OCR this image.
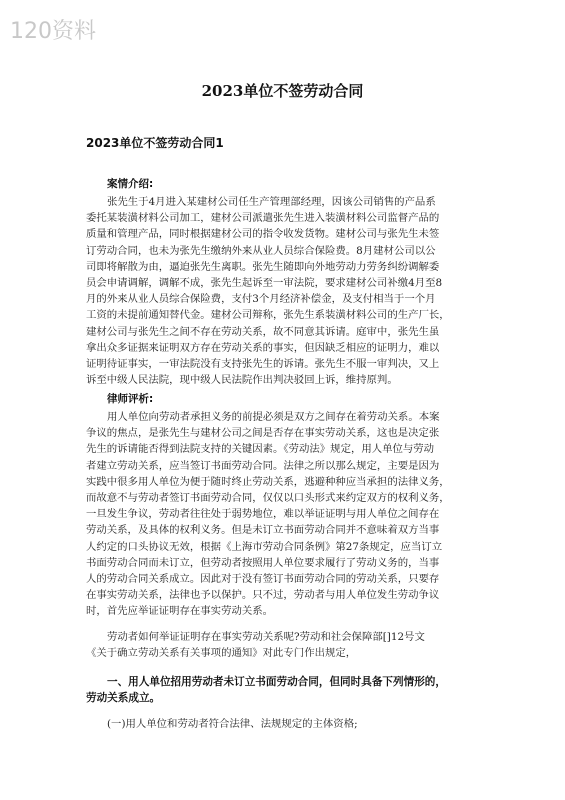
120资料
2023单位不签劳动合同
2023单位不签劳动合同1
案情介绍:
张先生于4月进入某建材公司任生产管理部经理，因该公司销售的产品系
委托某装潢材料公司加工，建材公司派遣张先生进入装潢材料公司监督产品的
质量和管理产品，同时根据建材公司的指令收发货物。建材公司与张先生未签
订劳动合同，也未为张先生缴纳外来从业人员综合保险费。8月建材公司以公
司即将解散为由，逼迫张先生离职。张先生随即向外地劳动力劳务纠纷调解委
员会申请调解，调解不成，张先生起诉至一审法院，要求建材公司补缴4月至8
月的外来从业人员综合保险费，支付3个月经济补偿金，及支付相当于一个月
工资的未提前通知替代金。建材公司辩称，张先生系装潢材料公司的生产厂长，
建材公司与张先生之间不存在劳动关系，故不同意其诉请。庭审中，张先生虽
拿出众多证据来证明双方存在劳动关系的事实，但因缺乏相应的证明力，难以
证明待证事实，一审法院没有支持张先生的诉请。张先生不服一审判决，又上
诉至中级人民法院，现中级人民法院作出判决驳回上诉，维持原判。
律师评析:
用人单位向劳动者承担义务的前提必须是双方之间存在着劳动关系。本案
争议的焦点，是张先生与建材公司之间是否存在事实劳动关系，这也是决定张
先生的诉请能否得到法院支持的关键因素。《劳动法》规定，用人单位与劳动
者建立劳动关系，应当签订书面劳动合同。法律之所以那么规定，主要是因为
实践中很多用人单位为便于随时终止劳动关系，逃避种种应当承担的法律义务，
而故意不与劳动者签订书面劳动合同，仅仅以口头形式来约定双方的权利义务，
一旦发生争议，劳动者往往处于弱势地位，难以举证证明与用人单位之间存在
劳动关系，及具体的权利义务。但是未订立书面劳动合同并不意味着双方当事
人约定的口头协议无效，根据《上海市劳动合同条例》第27条规定，应当订立
书面劳动合同而未订立，但劳动者按照用人单位要求履行了劳动义务的，当事
人的劳动合同关系成立。因此对于没有签订书面劳动合同的劳动关系，只要存
在事实劳动关系，法律也予以保护。只不过，劳动者与用人单位发生劳动争议
时，首先应举证证明存在事实劳动关系。
劳动者如何举证证明存在事实劳动关系呢?劳动和社会保障部[]12号文
《关于确立劳动关系有关事项的通知》对此专门作出规定，
一、用人单位招用劳动者未订立书面劳动合同，但同时具备下列情形的，
劳动关系成立。
(一)用人单位和劳动者符合法律、法规规定的主体资格;
